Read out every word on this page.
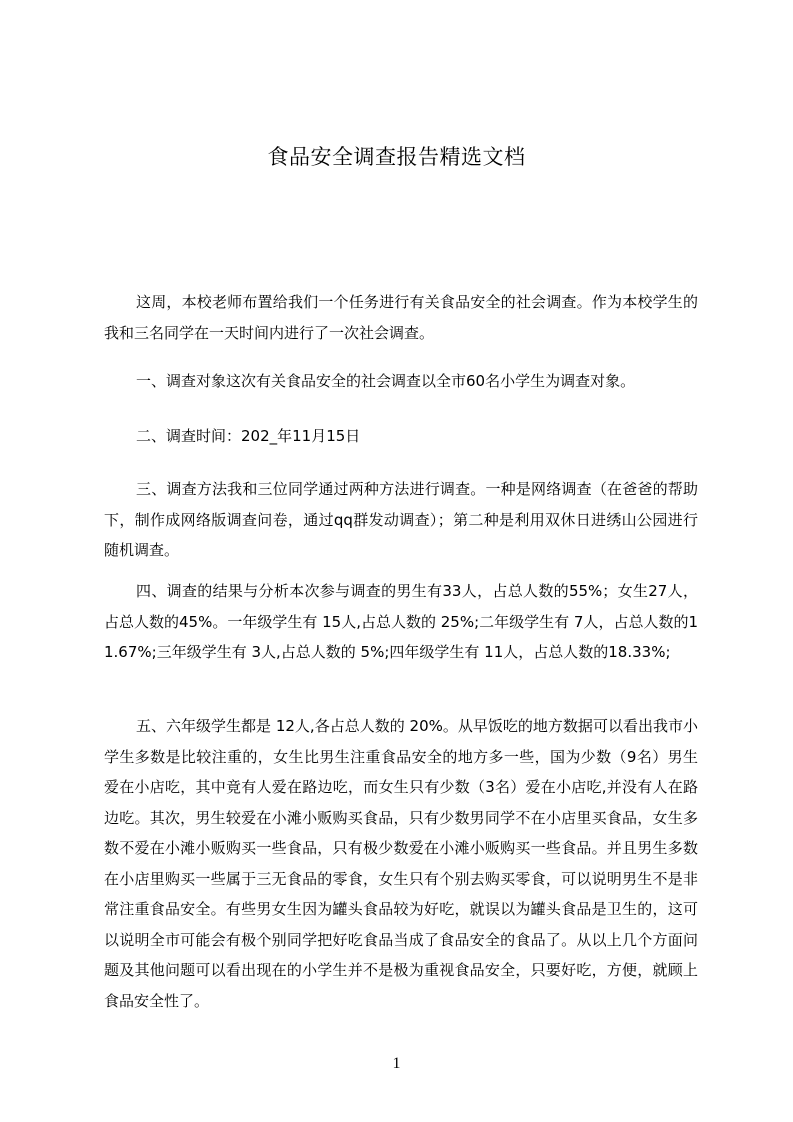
食品安全调查报告精选文档

这周，本校老师布置给我们一个任务进行有关食品安全的社会调查。作为本校学生的我和三名同学在一天时间内进行了一次社会调查。

一、调查对象这次有关食品安全的社会调查以全市60名小学生为调查对象。

二、调查时间：202_年11月15日

三、调查方法我和三位同学通过两种方法进行调查。一种是网络调查（在爸爸的帮助下，制作成网络版调查问卷，通过qq群发动调查）；第二种是利用双休日进绣山公园进行随机调查。

四、调查的结果与分析本次参与调查的男生有33人，占总人数的55%；女生27人，占总人数的45%。一年级学生有 15人,占总人数的 25%;二年级学生有 7人，占总人数的11.67%;三年级学生有 3人,占总人数的 5%;四年级学生有 11人，占总人数的18.33%;

五、六年级学生都是 12人,各占总人数的 20%。从早饭吃的地方数据可以看出我市小学生多数是比较注重的，女生比男生注重食品安全的地方多一些，国为少数（9名）男生爱在小店吃，其中竟有人爱在路边吃，而女生只有少数（3名）爱在小店吃,并没有人在路边吃。其次，男生较爱在小滩小贩购买食品，只有少数男同学不在小店里买食品，女生多数不爱在小滩小贩购买一些食品，只有极少数爱在小滩小贩购买一些食品。并且男生多数在小店里购买一些属于三无食品的零食，女生只有个别去购买零食，可以说明男生不是非常注重食品安全。有些男女生因为罐头食品较为好吃，就误以为罐头食品是卫生的，这可以说明全市可能会有极个别同学把好吃食品当成了食品安全的食品了。从以上几个方面问题及其他问题可以看出现在的小学生并不是极为重视食品安全，只要好吃，方便，就顾上食品安全性了。

1
